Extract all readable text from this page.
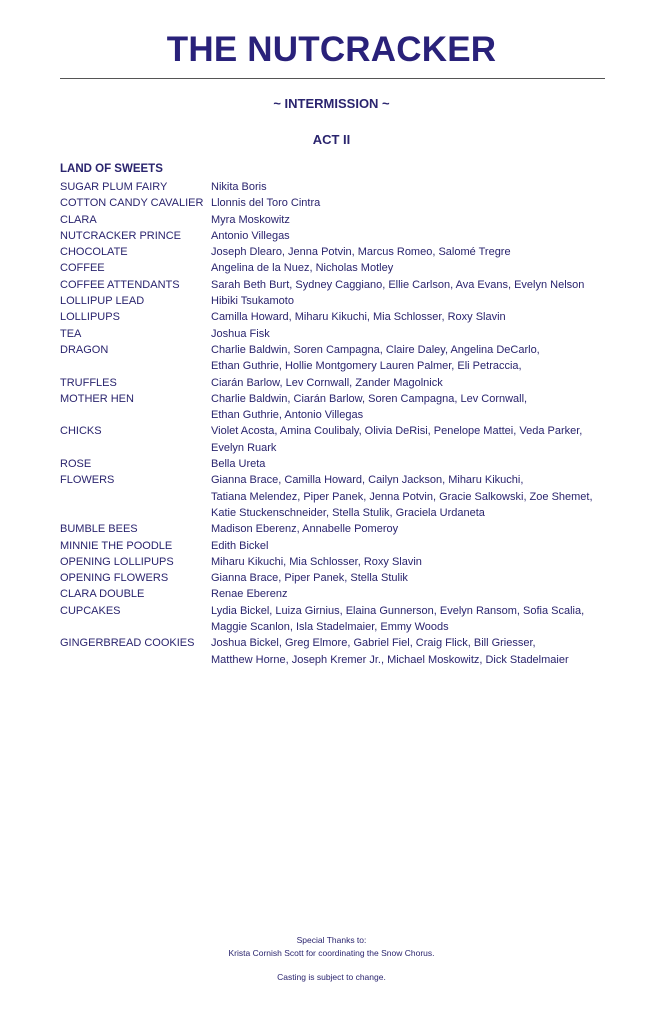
THE NUTCRACKER
~ INTERMISSION ~
ACT II
LAND OF SWEETS
SUGAR PLUM FAIRY	Nikita Boris
COTTON CANDY CAVALIER Llonnis del Toro Cintra
CLARA	Myra Moskowitz
NUTCRACKER PRINCE	Antonio Villegas
CHOCOLATE	Joseph Dlearo, Jenna Potvin, Marcus Romeo, Salomé Tregre
COFFEE	Angelina de la Nuez, Nicholas Motley
COFFEE ATTENDANTS	Sarah Beth Burt, Sydney Caggiano, Ellie Carlson, Ava Evans, Evelyn Nelson
LOLLIPUP LEAD	Hibiki Tsukamoto
LOLLIPUPS	Camilla Howard, Miharu Kikuchi, Mia Schlosser, Roxy Slavin
TEA	Joshua Fisk
DRAGON	Charlie Baldwin, Soren Campagna, Claire Daley, Angelina DeCarlo,
Ethan Guthrie, Hollie Montgomery Lauren Palmer, Eli Petraccia,
TRUFFLES	Ciarán Barlow, Lev Cornwall, Zander Magolnick
MOTHER HEN	Charlie Baldwin, Ciarán Barlow, Soren Campagna, Lev Cornwall,
Ethan Guthrie, Antonio Villegas
CHICKS	Violet Acosta, Amina Coulibaly, Olivia DeRisi, Penelope Mattei, Veda Parker,
Evelyn Ruark
ROSE	Bella Ureta
FLOWERS	Gianna Brace, Camilla Howard, Cailyn Jackson, Miharu Kikuchi,
Tatiana Melendez, Piper Panek, Jenna Potvin, Gracie Salkowski, Zoe Shemet,
Katie Stuckenschneider, Stella Stulik, Graciela Urdaneta
BUMBLE BEES	Madison Eberenz, Annabelle Pomeroy
MINNIE THE POODLE	Edith Bickel
OPENING LOLLIPUPS	Miharu Kikuchi, Mia Schlosser, Roxy Slavin
OPENING FLOWERS	Gianna Brace, Piper Panek, Stella Stulik
CLARA DOUBLE	Renae Eberenz
CUPCAKES	Lydia Bickel, Luiza Girnius, Elaina Gunnerson, Evelyn Ransom, Sofia Scalia,
Maggie Scanlon, Isla Stadelmaier, Emmy Woods
GINGERBREAD COOKIES	Joshua Bickel, Greg Elmore, Gabriel Fiel, Craig Flick, Bill Griesser,
Matthew Horne, Joseph Kremer Jr., Michael Moskowitz, Dick Stadelmaier
Special Thanks to:
Krista Cornish Scott for coordinating the Snow Chorus.
Casting is subject to change.
